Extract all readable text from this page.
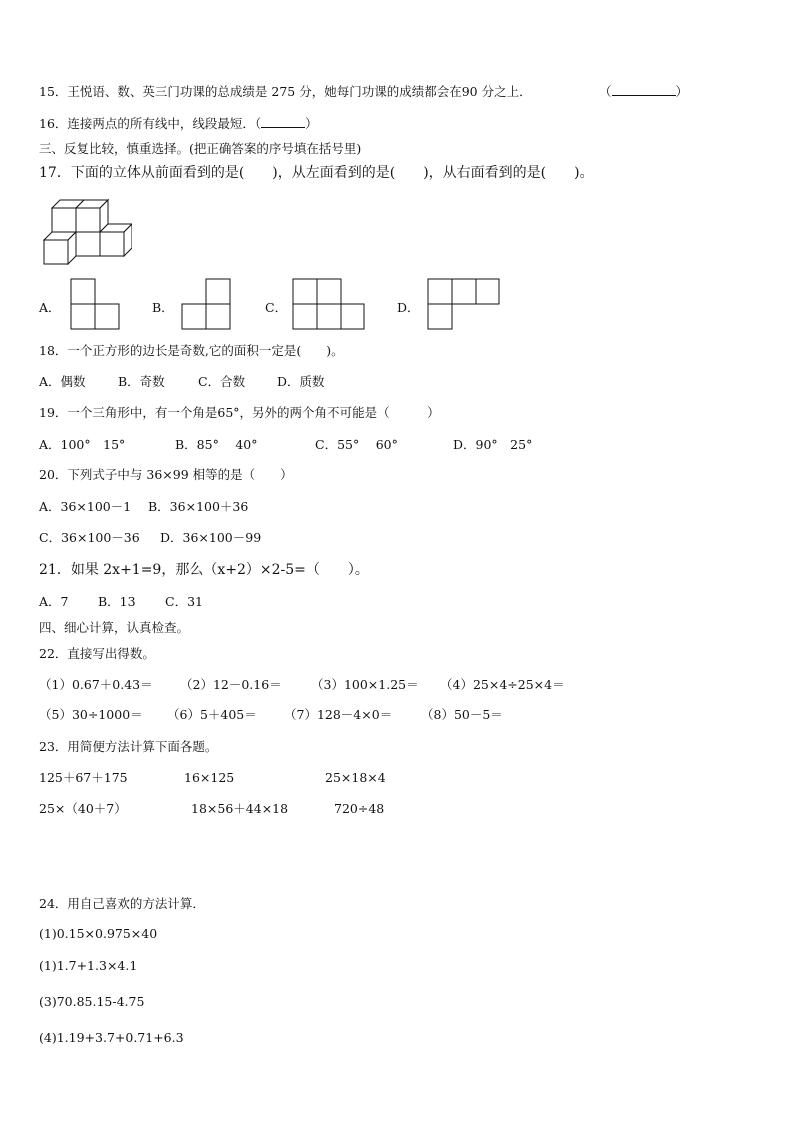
15．王悦语、数、英三门功课的总成绩是 275 分，她每门功课的成绩都会在90 分之上．	（	）
16．连接两点的所有线中，线段最短．（	）
三、反复比较，慎重选择。(把正确答案的序号填在括号里)
17．下面的立体从前面看到的是(　　)，从左面看到的是(　　)，从右面看到的是(　　)。
A．	B．	C．	D．
18．一个正方形的边长是奇数,它的面积一定是(　　)。
A．偶数	B．奇数	C．合数	D．质数
19．一个三角形中，有一个角是65°，另外的两个角不可能是（　　　）
A．100°　15°	B．85°　 40°	C．55°　 60°	D．90°　25°
20．下列式子中与 36×99 相等的是（　　）
A．36×100－1 B．36×100＋36
C．36×100－36 D．36×100－99
21．如果 2x+1=9，那么（x+2）×2-5=（　　）。
A．7 B．13 C．31
四、细心计算，认真检查。
22．直接写出得数。
（1）0.67＋0.43＝ （2）12－0.16＝ （3）100×1.25＝ （4）25×4÷25×4＝
（5）30÷1000＝ （6）5＋405＝ （7）128－4×0＝ （8）50－5＝
23．用简便方法计算下面各题。
125＋67＋175	16×125	25×18×4
25×（40＋7）	18×56＋44×18	720÷48
24．用自己喜欢的方法计算．
(1)0.15×0.975×40
(1)1.7+1.3×4.1
(3)70.85.15-4.75
(4)1.19+3.7+0.71+6.3
